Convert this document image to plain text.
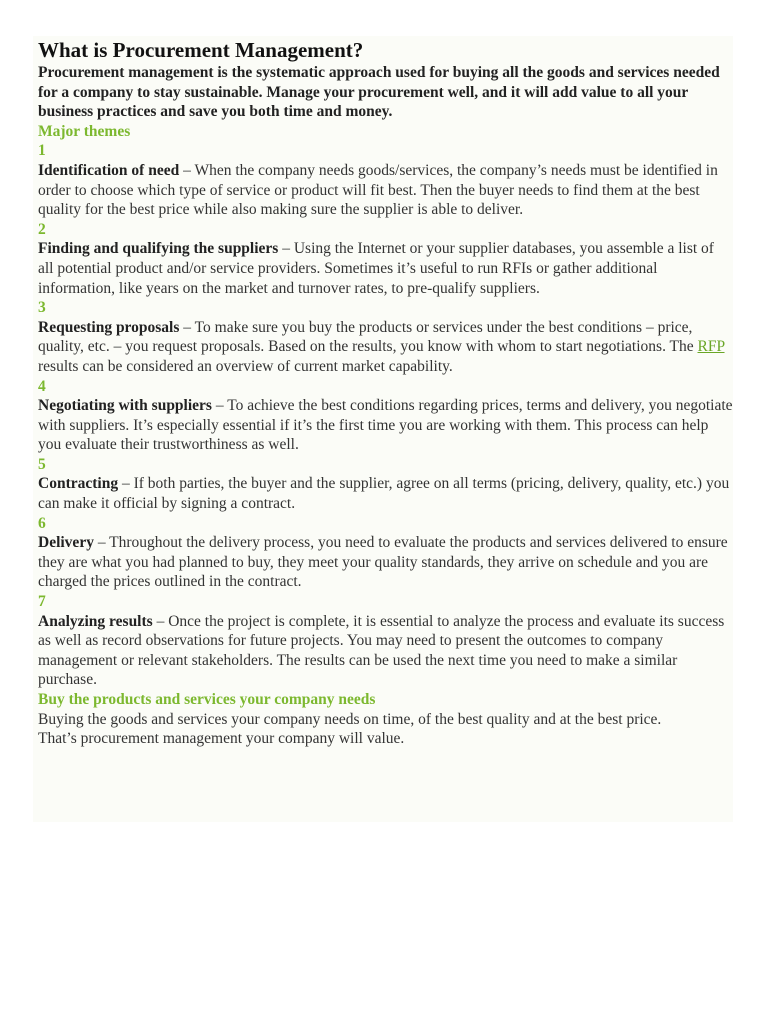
What is Procurement Management?

Procurement management is the systematic approach used for buying all the goods and services needed for a company to stay sustainable. Manage your procurement well, and it will add value to all your business practices and save you both time and money.

Major themes

1

Identification of need – When the company needs goods/services, the company’s needs must be identified in order to choose which type of service or product will fit best. Then the buyer needs to find them at the best quality for the best price while also making sure the supplier is able to deliver.

2

Finding and qualifying the suppliers – Using the Internet or your supplier databases, you assemble a list of all potential product and/or service providers. Sometimes it’s useful to run RFIs or gather additional information, like years on the market and turnover rates, to pre-qualify suppliers.

3

Requesting proposals – To make sure you buy the products or services under the best conditions – price, quality, etc. – you request proposals. Based on the results, you know with whom to start negotiations. The RFP results can be considered an overview of current market capability.

4

Negotiating with suppliers – To achieve the best conditions regarding prices, terms and delivery, you negotiate with suppliers. It’s especially essential if it’s the first time you are working with them. This process can help you evaluate their trustworthiness as well.

5

Contracting – If both parties, the buyer and the supplier, agree on all terms (pricing, delivery, quality, etc.) you can make it official by signing a contract.

6

Delivery – Throughout the delivery process, you need to evaluate the products and services delivered to ensure they are what you had planned to buy, they meet your quality standards, they arrive on schedule and you are charged the prices outlined in the contract.

7

Analyzing results – Once the project is complete, it is essential to analyze the process and evaluate its success as well as record observations for future projects. You may need to present the outcomes to company management or relevant stakeholders. The results can be used the next time you need to make a similar purchase.

Buy the products and services your company needs

Buying the goods and services your company needs on time, of the best quality and at the best price.

That’s procurement management your company will value.
